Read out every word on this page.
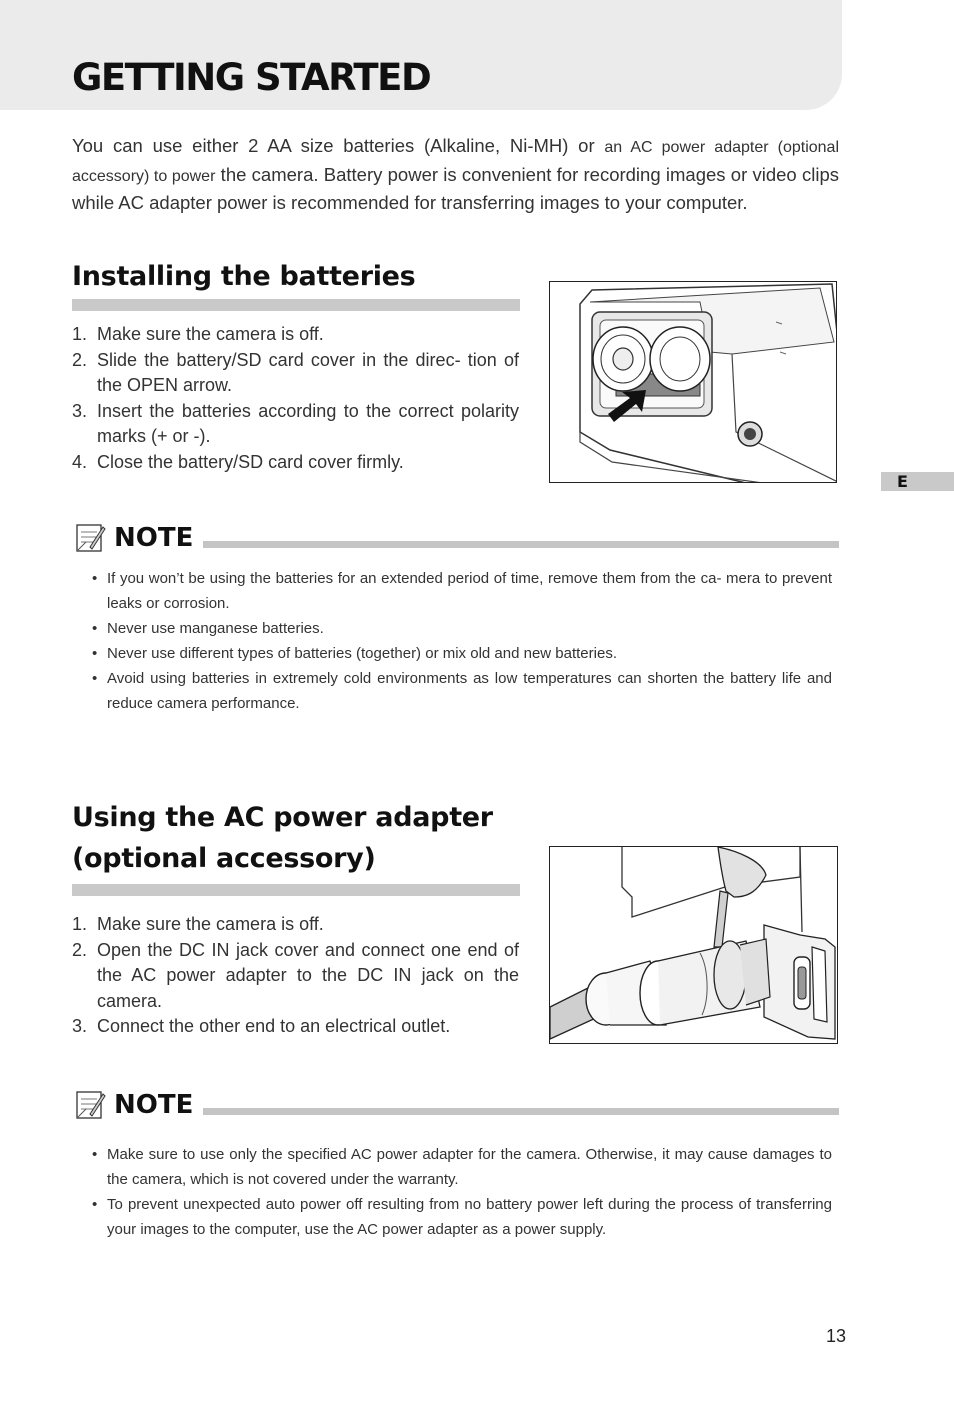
GETTING STARTED

You can use either 2 AA size batteries (Alkaline, Ni-MH) or an AC power adapter (optional accessory) to power the camera. Battery power is convenient for recording images or video clips while AC adapter power is recommended for transferring images to your computer.

Installing the batteries
1. Make sure the camera is off.
2. Slide the battery/SD card cover in the direc- tion of the OPEN arrow.
3. Insert the batteries according to the correct polarity marks (+ or -).
4. Close the battery/SD card cover firmly.
NOTE
• If you won’t be using the batteries for an extended period of time, remove them from the ca- mera to prevent leaks or corrosion.
• Never use manganese batteries.
• Never use different types of batteries (together) or mix old and new batteries.
• Avoid using batteries in extremely cold environments as low temperatures can shorten the battery life and reduce camera performance.
Using the AC power adapter
(optional accessory)
1. Make sure the camera is off.
2. Open the DC IN jack cover and connect one end of the AC power adapter to the DC IN jack on the camera.
3. Connect the other end to an electrical outlet.
NOTE
• Make sure to use only the specified AC power adapter for the camera. Otherwise, it may cause damages to the camera, which is not covered under the warranty.
• To prevent unexpected auto power off resulting from no battery power left during the process of transferring your images to the computer, use the AC power adapter as a power supply.
E
13
